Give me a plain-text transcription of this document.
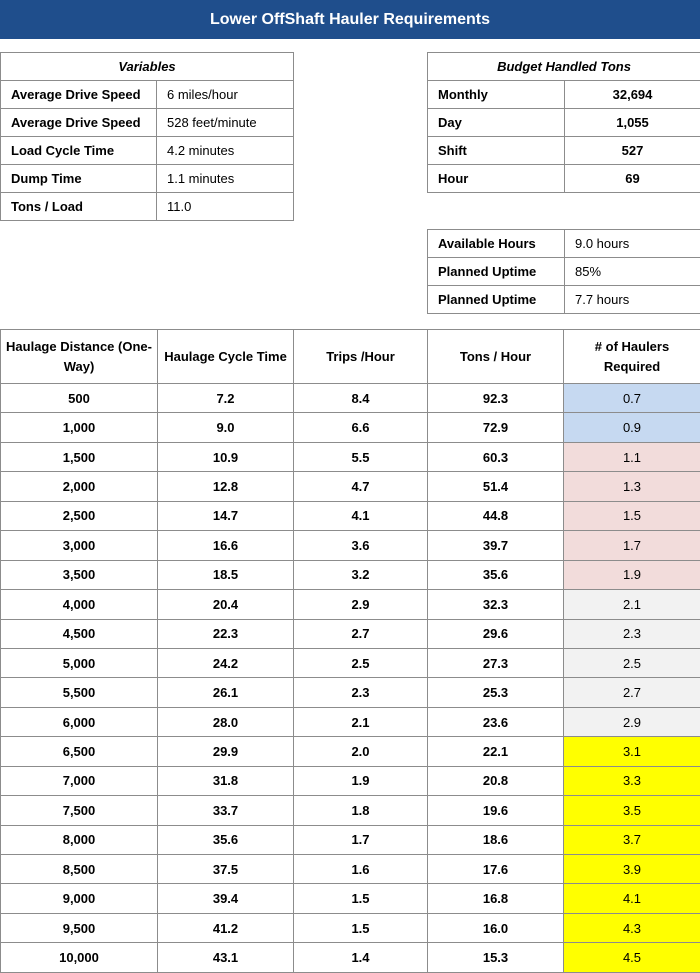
Lower OffShaft Hauler Requirements
Variables	
Average Drive Speed	6 miles/hour
Average Drive Speed	528 feet/minute
Load Cycle Time	4.2 minutes
Dump Time	1.1 minutes
Tons / Load	11.0
Budget Handled Tons	
Monthly	32,694
Day	1,055
Shift	527
Hour	69
Available Hours	9.0 hours
Planned Uptime	85%
Planned Uptime	7.7 hours
Haulage Distance (One-Way)	Haulage Cycle Time	Trips /Hour	Tons / Hour	# of Haulers Required
500	7.2	8.4	92.3	0.7
1,000	9.0	6.6	72.9	0.9
1,500	10.9	5.5	60.3	1.1
2,000	12.8	4.7	51.4	1.3
2,500	14.7	4.1	44.8	1.5
3,000	16.6	3.6	39.7	1.7
3,500	18.5	3.2	35.6	1.9
4,000	20.4	2.9	32.3	2.1
4,500	22.3	2.7	29.6	2.3
5,000	24.2	2.5	27.3	2.5
5,500	26.1	2.3	25.3	2.7
6,000	28.0	2.1	23.6	2.9
6,500	29.9	2.0	22.1	3.1
7,000	31.8	1.9	20.8	3.3
7,500	33.7	1.8	19.6	3.5
8,000	35.6	1.7	18.6	3.7
8,500	37.5	1.6	17.6	3.9
9,000	39.4	1.5	16.8	4.1
9,500	41.2	1.5	16.0	4.3
10,000	43.1	1.4	15.3	4.5
